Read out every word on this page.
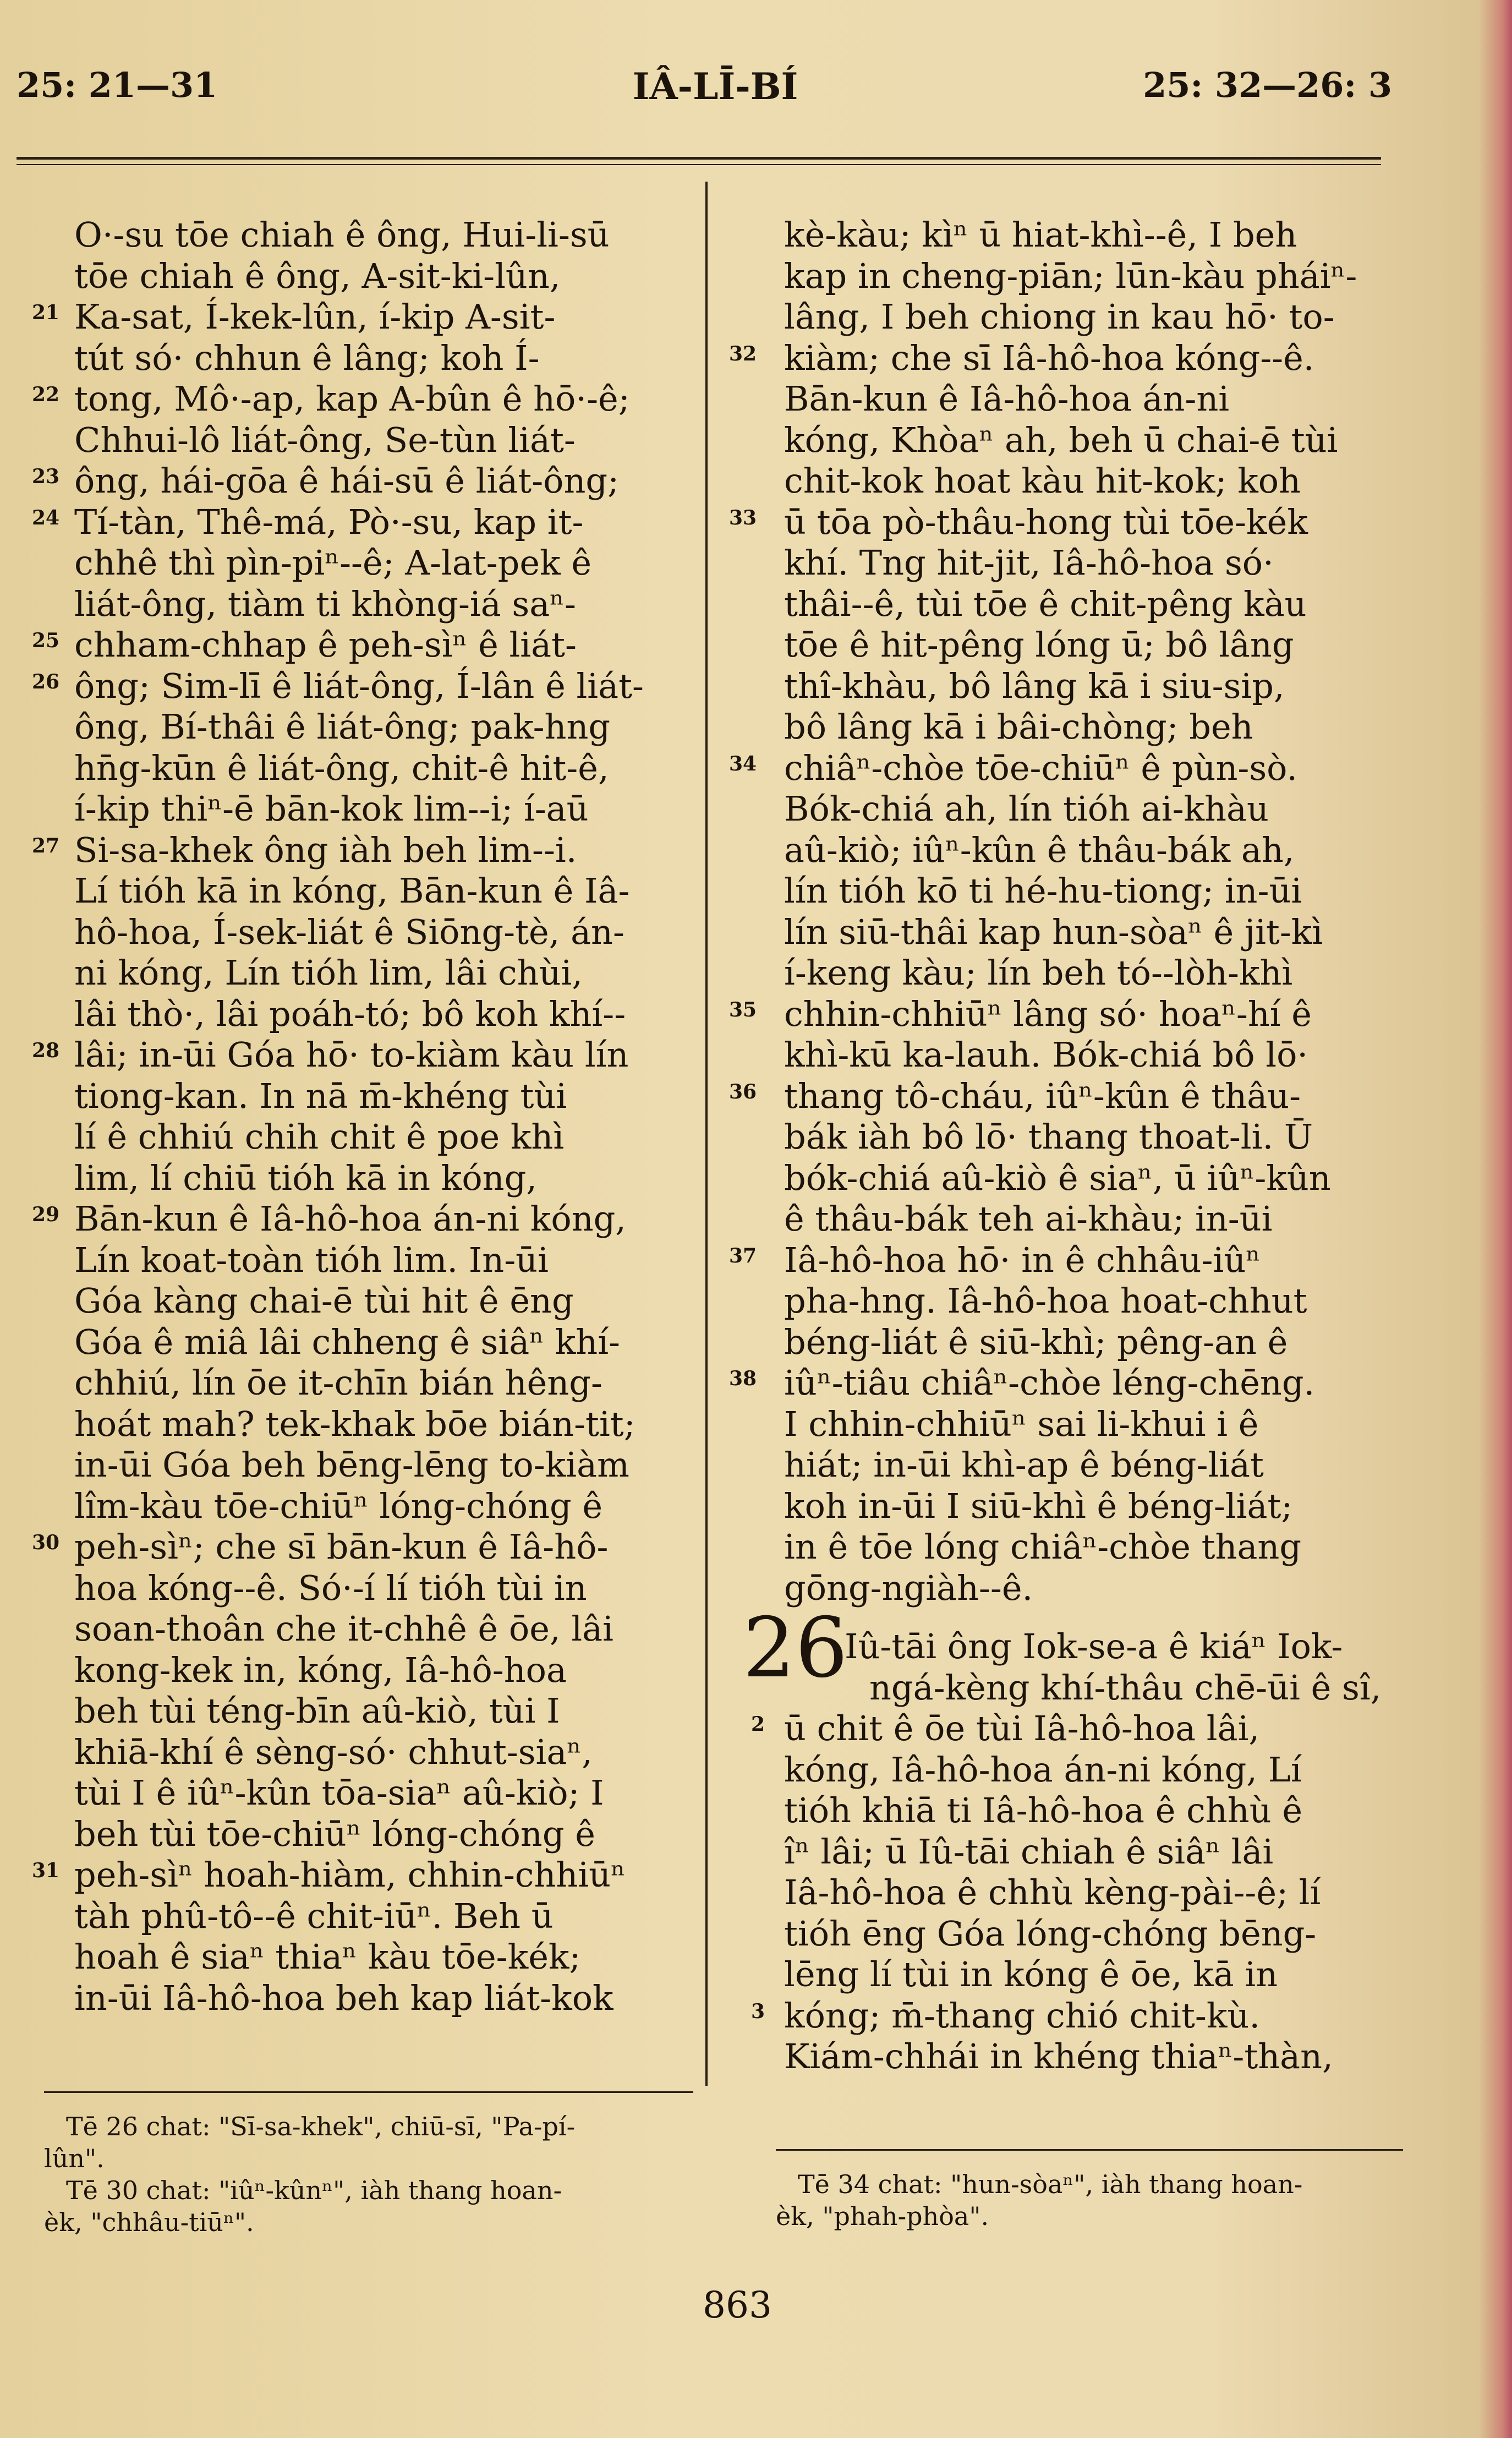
25: 21—31	IÂ-LĪ-BÍ	25: 32—26: 3
O·-su tōe chiah ê ông, Hui-li-sū
tōe chiah ê ông, A-sit-ki-lûn,
Ka-sat, Í-kek-lûn, í-kip A-sit-
tút só· chhun ê lâng; koh Í-
tong, Mô·-ap, kap A-bûn ê hō·-ê;
Chhui-lô liát-ông, Se-tùn liát-
ông, hái-gōa ê hái-sū ê liát-ông;
Tí-tàn, Thê-má, Pò·-su, kap it-
chhê thì pìn-piⁿ--ê; A-lat-pek ê
liát-ông, tiàm ti khòng-iá saⁿ-
chham-chhap ê peh-sìⁿ ê liát-
ông; Sim-lī ê liát-ông, Í-lân ê liát-
ông, Bí-thâi ê liát-ông; pak-hng
hn̄g-kūn ê liát-ông, chit-ê hit-ê,
í-kip thiⁿ-ē bān-kok lim--i; í-aū
Si-sa-khek ông iàh beh lim--i.
Lí tióh kā in kóng, Bān-kun ê Iâ-
hô-hoa, Í-sek-liát ê Siōng-tè, án-
ni kóng, Lín tióh lim, lâi chùi,
lâi thò·, lâi poáh-tó; bô koh khí--
lâi; in-ūi Góa hō· to-kiàm kàu lín
tiong-kan. In nā m̄-khéng tùi
lí ê chhiú chih chit ê poe khì
lim, lí chiū tióh kā in kóng,
Bān-kun ê Iâ-hô-hoa án-ni kóng,
Lín koat-toàn tióh lim. In-ūi
Góa kàng chai-ē tùi hit ê ēng
Góa ê miâ lâi chheng ê siâⁿ khí-
chhiú, lín ōe it-chīn bián hêng-
hoát mah? tek-khak bōe bián-tit;
in-ūi Góa beh bēng-lēng to-kiàm
lîm-kàu tōe-chiūⁿ lóng-chóng ê
peh-sìⁿ; che sī bān-kun ê Iâ-hô-
hoa kóng--ê. Só·-í lí tióh tùi in
soan-thoân che it-chhê ê ōe, lâi
kong-kek in, kóng, Iâ-hô-hoa
beh tùi téng-bīn aû-kiò, tùi I
khiā-khí ê sèng-só· chhut-siaⁿ,
tùi I ê iûⁿ-kûn tōa-siaⁿ aû-kiò; I
beh tùi tōe-chiūⁿ lóng-chóng ê
peh-sìⁿ hoah-hiàm, chhin-chhiūⁿ
tàh phû-tô--ê chit-iūⁿ. Beh ū
hoah ê siaⁿ thiaⁿ kàu tōe-kék;
in-ūi Iâ-hô-hoa beh kap liát-kok
21
22
23
24
25
26
27
28
29
30
31
kè-kàu; kìⁿ ū hiat-khì--ê, I beh
kap in cheng-piān; lūn-kàu pháiⁿ-
lâng, I beh chiong in kau hō· to-
kiàm; che sī Iâ-hô-hoa kóng--ê.
Bān-kun ê Iâ-hô-hoa án-ni
kóng, Khòaⁿ ah, beh ū chai-ē tùi
chit-kok hoat kàu hit-kok; koh
ū tōa pò-thâu-hong tùi tōe-kék
khí. Tng hit-jit, Iâ-hô-hoa só·
thâi--ê, tùi tōe ê chit-pêng kàu
tōe ê hit-pêng lóng ū; bô lâng
thî-khàu, bô lâng kā i siu-sip,
bô lâng kā i bâi-chòng; beh
chiâⁿ-chòe tōe-chiūⁿ ê pùn-sò.
Bók-chiá ah, lín tióh ai-khàu
aû-kiò; iûⁿ-kûn ê thâu-bák ah,
lín tióh kō ti hé-hu-tiong; in-ūi
lín siū-thâi kap hun-sòaⁿ ê jit-kì
í-keng kàu; lín beh tó--lòh-khì
chhin-chhiūⁿ lâng só· hoaⁿ-hí ê
khì-kū ka-lauh. Bók-chiá bô lō·
thang tô-cháu, iûⁿ-kûn ê thâu-
bák iàh bô lō· thang thoat-li. Ū
bók-chiá aû-kiò ê siaⁿ, ū iûⁿ-kûn
ê thâu-bák teh ai-khàu; in-ūi
Iâ-hô-hoa hō· in ê chhâu-iûⁿ
pha-hng. Iâ-hô-hoa hoat-chhut
béng-liát ê siū-khì; pêng-an ê
iûⁿ-tiâu chiâⁿ-chòe léng-chēng.
I chhin-chhiūⁿ sai li-khui i ê
hiát; in-ūi khì-ap ê béng-liát
koh in-ūi I siū-khì ê béng-liát;
in ê tōe lóng chiâⁿ-chòe thang
gōng-ngiàh--ê.
32
33
34
35
36
37
38
26
Iû-tāi ông Iok-se-a ê kiáⁿ Iok-
ngá-kèng khí-thâu chē-ūi ê sî,
ū chit ê ōe tùi Iâ-hô-hoa lâi,
kóng, Iâ-hô-hoa án-ni kóng, Lí
tióh khiā ti Iâ-hô-hoa ê chhù ê
îⁿ lâi; ū Iû-tāi chiah ê siâⁿ lâi
Iâ-hô-hoa ê chhù kèng-pài--ê; lí
tióh ēng Góa lóng-chóng bēng-
lēng lí tùi in kóng ê ōe, kā in
kóng; m̄-thang chió chit-kù.
Kiám-chhái in khéng thiaⁿ-thàn,
2
3
Tē 26 chat: "Sī-sa-khek", chiū-sī, "Pa-pí-
lûn".
Tē 30 chat: "iûⁿ-kûnⁿ", iàh thang hoan-
èk, "chhâu-tiūⁿ".
Tē 34 chat: "hun-sòaⁿ", iàh thang hoan-
èk, "phah-phòa".
863
